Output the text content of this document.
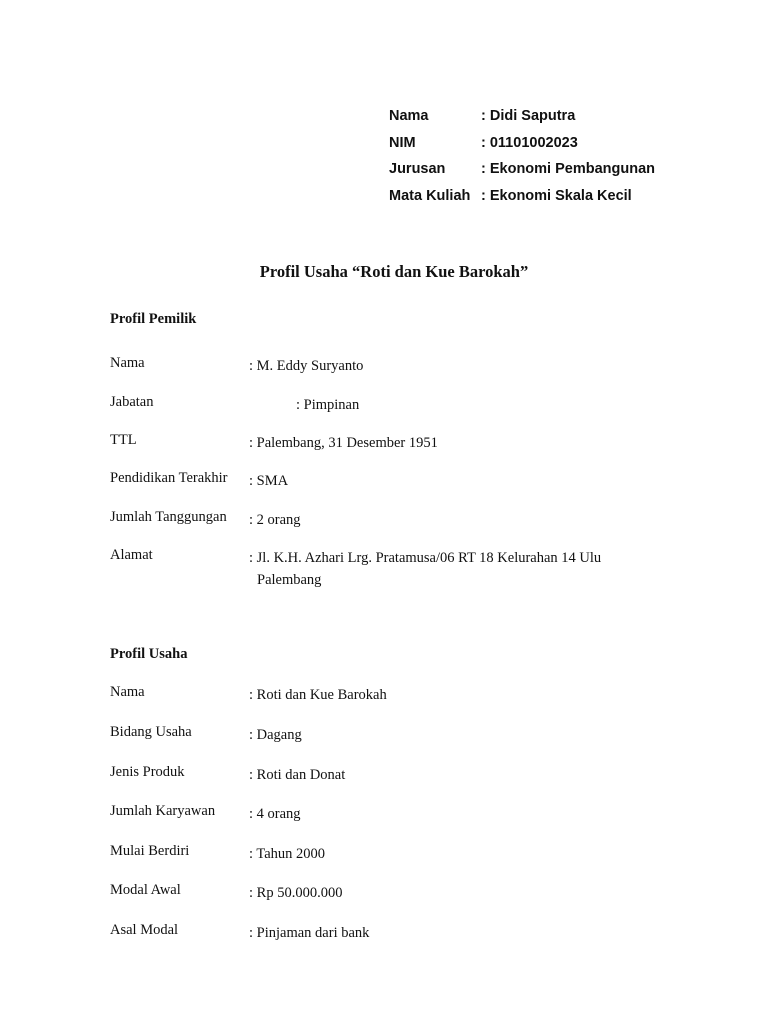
Nama	: Didi Saputra
NIM	: 01101002023
Jurusan : Ekonomi Pembangunan
Mata Kuliah : Ekonomi Skala Kecil
Profil Usaha “Roti dan Kue Barokah”
Profil Pemilik
Nama	: M. Eddy Suryanto
Jabatan	: Pimpinan
TTL	: Palembang, 31 Desember 1951
Pendidikan Terakhir : SMA
Jumlah Tanggungan : 2 orang
Alamat	: Jl. K.H. Azhari Lrg. Pratamusa/06 RT 18 Kelurahan 14 Ulu
Palembang
Profil Usaha
Nama	: Roti dan Kue Barokah
Bidang Usaha	: Dagang
Jenis Produk	: Roti dan Donat
Jumlah Karyawan : 4 orang
Mulai Berdiri	: Tahun 2000
Modal Awal	: Rp 50.000.000
Asal Modal	: Pinjaman dari bank
